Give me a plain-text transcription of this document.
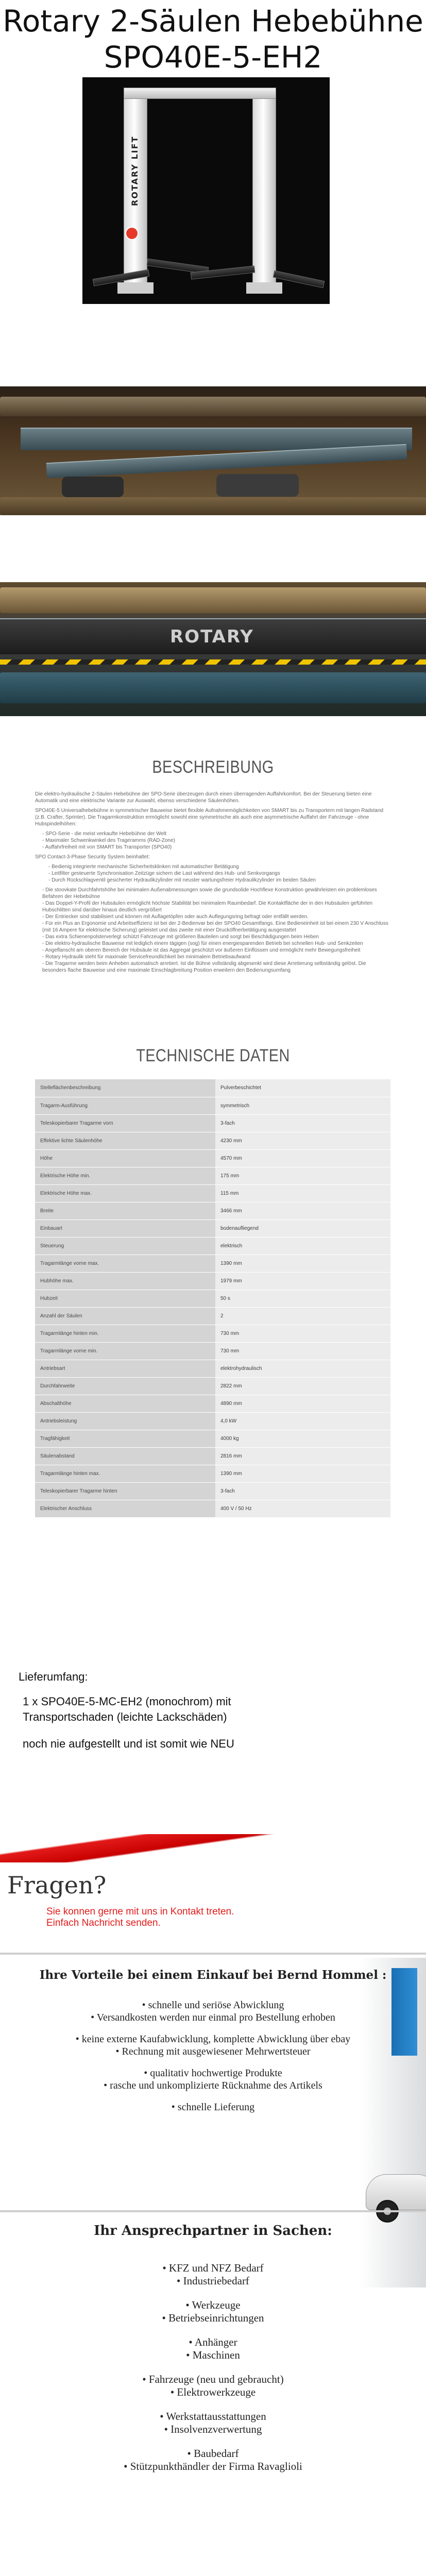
Rotary 2-Säulen Hebebühne
SPO40E-5-EH2
ROTARY LIFT
ROTARY
BESCHREIBUNG

Die elektro-hydraulische 2-Säulen Hebebühne der SPO-Serie überzeugen durch einen überragenden Auffahrkomfort. Bei der Steuerung bieten eine Automatik und eine elektrische Variante zur Auswahl, ebenso verschiedene Säulenhöhen.

SPO40E-5 Universalhebebühne in symmetrischer Bauweise bietet flexible Aufnahmemöglichkeiten von SMART bis zu Transportern mit langen Radstand (z.B. Crafter, Sprinter). Die Tragarmkonstruktion ermöglicht sowohl eine symmetrische als auch eine asymmetrische Auffahrt der Fahrzeuge - ohne Hubspindelhöhen:

- SPO-Serie - die meist verkaufte Hebebühne der Welt
- Maximaler Schwenkwinkel des Trageramms (RAD-Zone)
- Auffahrfreiheit mit von SMART bis Transporter (SPO40)

SPO Contact-3-Phase Security System beinhaltet:

- Bedienig integrierte mechanische Sicherheitsklinken mit automatischer Betätigung
- Leitfilter gesteuerte Synchronisation Zeitzüge sichern die Last während des Hub- und Senkvorgangs
- Durch Rückschlagventil gesicherter Hydraulikzylinder mit neuster wartungsfreier Hydraulikzylinder im beiden Säulen
- Die stoovkate Durchfahrtshöhe bei minimalen Außenabmessungen sowie die grundsolide Hochflexe Konstruktion gewährleisten ein problemloses Befahren der Hebebühne
- Das Doppel-Y-Profil der Hubsäulen ermöglicht höchste Stabilität bei minimalem Raumbedarf. Die Kontaktfläche der in den Hubsäulen geführten Hubschlitten sind darüber hinaus deutlich vergrößert
- Der Entriecker sind stabilisiert und können mit Auflagetöpfen oder auch Auflegungsring befragt oder entfällt werden.
- Für ein Plus an Ergonomie und Arbeitseffizienz ist bei der 2-Bedienvar bei der SPO40 Gesamtfangs. Eine Bedieneinheit ist bei einem 230 V Anschluss (mit 16 Ampere für elektrische Sicherung) geleistet und das zweite mit einer Drucköffnerbetätigung ausgestattet
- Das extra Schienenpolsterverlegt schützt Fahrzeuge mit größeren Bauteilen und sorgt bei Beschädigungen beim Heben
- Die elektro-hydraulische Bauweise mit lediglich einem tägigen (sog) für einen energiesparenden Betrieb bei schnellen Hub- und Senkzeiten
- Angeflanscht am oberen Bereich der Hubsäule ist das Aggregat geschützt vor äußeren Einflüssen und ermöglicht mehr Bewegungsfreiheit
- Rotary Hydraulik steht für maximale Servicefreundlichkeit bei minimalem Betriebsaufwand
- Die Tragarme werden beim Anheben automatisch arretiert. Ist die Bühne vollständig abgesenkt wird diese Arretierung selbständig gelöst. Die besonders flache Bauweise und eine maximale Einschlagbreitung Position erweitern den Bedienungsumfang
TECHNISCHE DATEN
Stelleflächenbeschreibung	Pulverbeschichtet
Tragarm-Ausführung	symmetrisch
Teleskopierbarer Tragarme vorn	3-fach
Effektive lichte Säulenhöhe	4230 mm
Höhe	4570 mm
Elektrische Höhe min.	175 mm
Elektrische Höhe max.	115 mm
Breite	3466 mm
Einbauart	bodenaufliegend
Steuerung	elektrisch
Tragarmlänge vorne max.	1390 mm
Hubhöhe max.	1979 mm
Hubzeit	50 s
Anzahl der Säulen	2
Tragarmlänge hinten min.	730 mm
Tragarmlänge vorne min.	730 mm
Antriebsart	elektrohydraulisch
Durchfahrweite	2822 mm
Abschalthöhe	4890 mm
Antriebsleistung	4,0 kW
Tragfähigkeit	4000 kg
Säulenabstand	2816 mm
Tragarmlänge hinten max.	1390 mm
Teleskopierbarer Tragarme hinten	3-fach
Elektrischer Anschluss	400 V / 50 Hz
Lieferumfang:
1 x SPO40E-5-MC-EH2 (monochrom) mit
Transportschaden (leichte Lackschäden)
noch nie aufgestellt und ist somit wie NEU
Fragen?
Sie konnen gerne mit uns in Kontakt treten.
Einfach Nachricht senden.
Ihre Vorteile bei einem Einkauf bei Bernd Hommel :
• schnelle und seriöse Abwicklung
• Versandkosten werden nur einmal pro Bestellung erhoben
• keine externe Kaufabwicklung, komplette Abwicklung über ebay
• Rechnung mit ausgewiesener Mehrwertsteuer
• qualitativ hochwertige Produkte
• rasche und unkomplizierte Rücknahme des Artikels
• schnelle Lieferung
Ihr Ansprechpartner in Sachen:
• KFZ und NFZ Bedarf
• Industriebedarf
• Werkzeuge
• Betriebseinrichtungen
• Anhänger
• Maschinen
• Fahrzeuge (neu und gebraucht)
• Elektrowerkzeuge
• Werkstattausstattungen
• Insolvenzverwertung
• Baubedarf
• Stützpunkthändler der Firma Ravaglioli
